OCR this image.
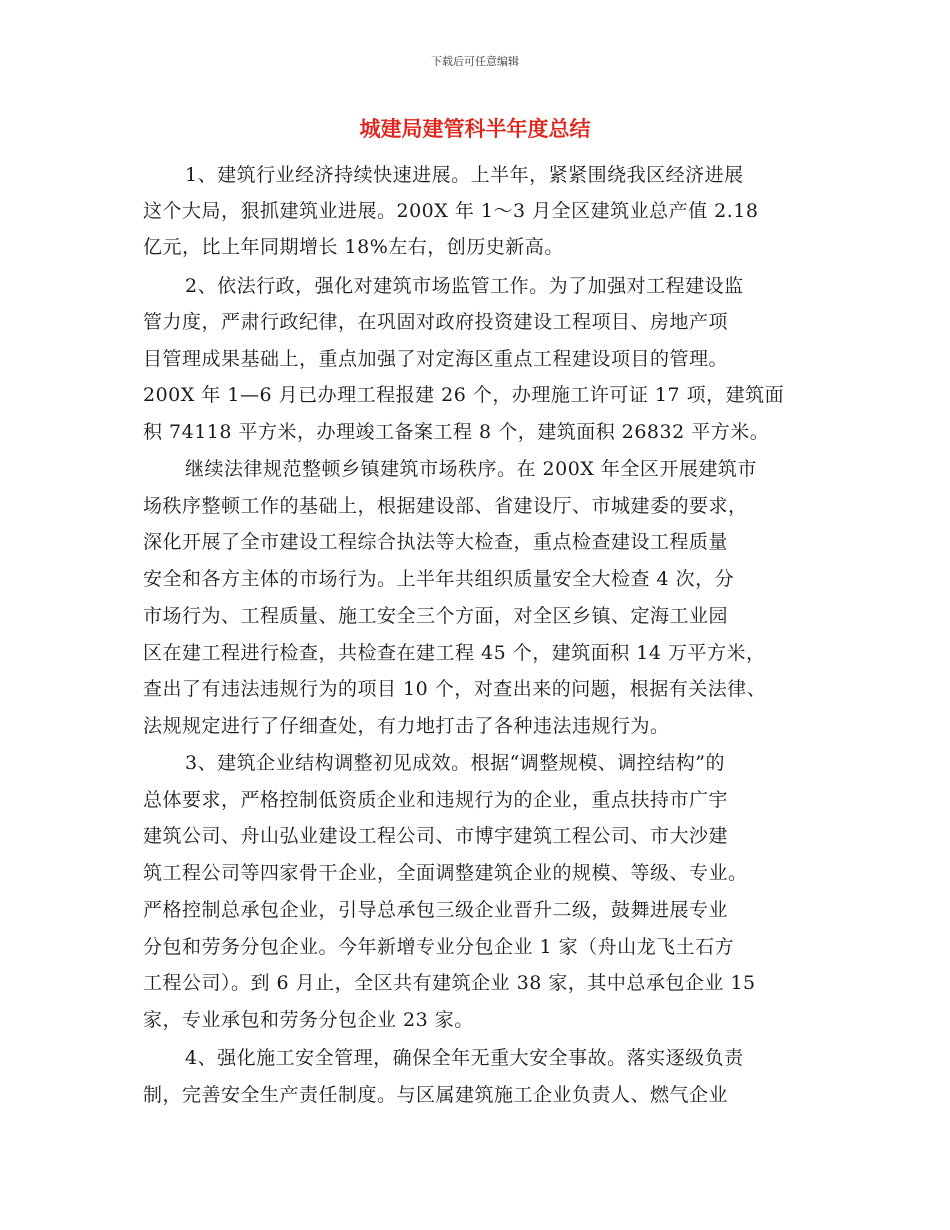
下载后可任意编辑
城建局建管科半年度总结
1、建筑行业经济持续快速进展。上半年，紧紧围绕我区经济进展
这个大局，狠抓建筑业进展。200X 年 1～3 月全区建筑业总产值 2.18
亿元，比上年同期增长 18%左右，创历史新高。
2、依法行政，强化对建筑市场监管工作。为了加强对工程建设监
管力度，严肃行政纪律，在巩固对政府投资建设工程项目、房地产项
目管理成果基础上，重点加强了对定海区重点工程建设项目的管理。
200X 年 1—6 月已办理工程报建 26 个，办理施工许可证 17 项，建筑面
积 74118 平方米，办理竣工备案工程 8 个，建筑面积 26832 平方米。
继续法律规范整顿乡镇建筑市场秩序。在 200X 年全区开展建筑市
场秩序整顿工作的基础上，根据建设部、省建设厅、市城建委的要求，
深化开展了全市建设工程综合执法等大检查，重点检查建设工程质量
安全和各方主体的市场行为。上半年共组织质量安全大检查 4 次，分
市场行为、工程质量、施工安全三个方面，对全区乡镇、定海工业园
区在建工程进行检查，共检查在建工程 45 个，建筑面积 14 万平方米，
查出了有违法违规行为的项目 10 个，对查出来的问题，根据有关法律、
法规规定进行了仔细查处，有力地打击了各种违法违规行为。
3、建筑企业结构调整初见成效。根据“调整规模、调控结构”的
总体要求，严格控制低资质企业和违规行为的企业，重点扶持市广宇
建筑公司、舟山弘业建设工程公司、市博宇建筑工程公司、市大沙建
筑工程公司等四家骨干企业，全面调整建筑企业的规模、等级、专业。
严格控制总承包企业，引导总承包三级企业晋升二级，鼓舞进展专业
分包和劳务分包企业。今年新增专业分包企业 1 家（舟山龙飞土石方
工程公司）。到 6 月止，全区共有建筑企业 38 家，其中总承包企业 15
家，专业承包和劳务分包企业 23 家。
4、强化施工安全管理，确保全年无重大安全事故。落实逐级负责
制，完善安全生产责任制度。与区属建筑施工企业负责人、燃气企业
